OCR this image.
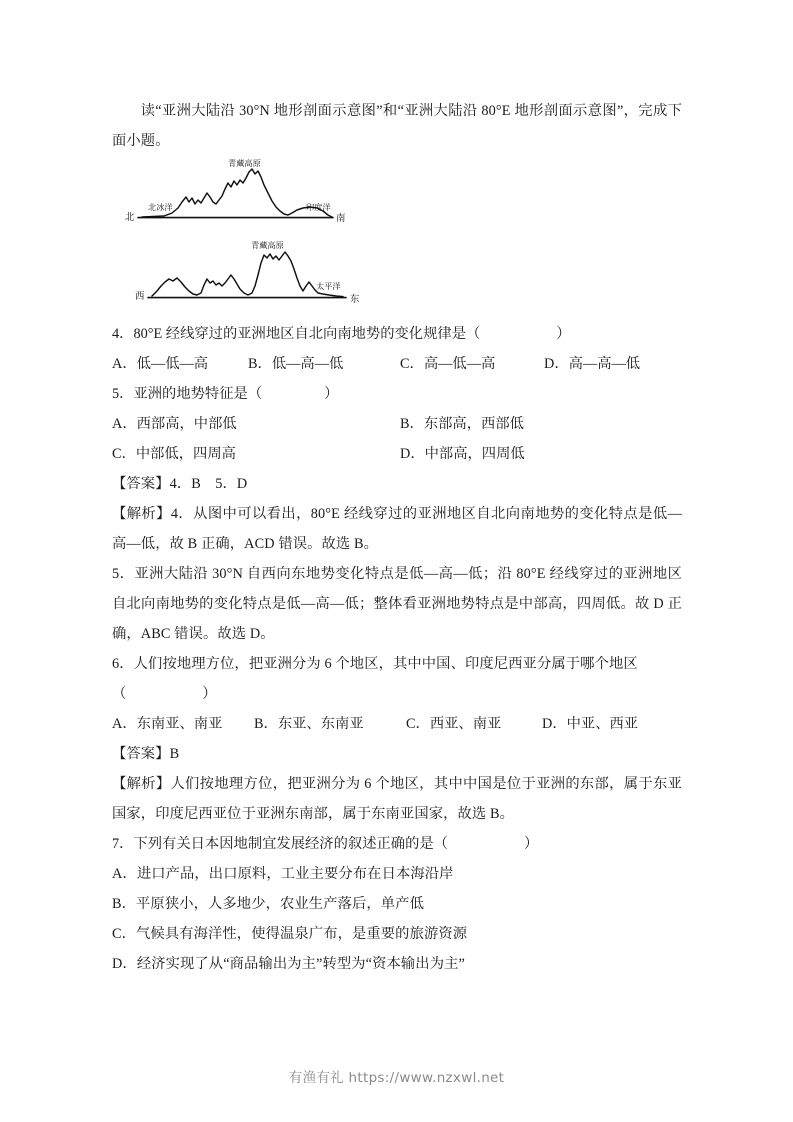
读“亚洲大陆沿 30°N 地形剖面示意图”和“亚洲大陆沿 80°E 地形剖面示意图”，完成下面小题。

北
北冰洋
青藏高原
印度洋
南
西
青藏高原
太平洋
东

4．80°E 经线穿过的亚洲地区自北向南地势的变化规律是（	）

A．低—低—高	B．低—高—低	C．高—低—高	D．高—高—低

5．亚洲的地势特征是（	）

A．西部高，中部低	B．东部高，西部低
C．中部低，四周高	D．中部高，四周低

【答案】4．B　5．D

【解析】4．从图中可以看出，80°E 经线穿过的亚洲地区自北向南地势的变化特点是低—高—低，故 B 正确，ACD 错误。故选 B。

5．亚洲大陆沿 30°N 自西向东地势变化特点是低—高—低；沿 80°E 经线穿过的亚洲地区自北向南地势的变化特点是低—高—低；整体看亚洲地势特点是中部高，四周低。故 D 正确，ABC 错误。故选 D。

6．人们按地理方位，把亚洲分为 6 个地区，其中中国、印度尼西亚分属于哪个地区

（	）

A．东南亚、南亚 B．东亚、东南亚	C．西亚、南亚	D．中亚、西亚

【答案】B

【解析】人们按地理方位，把亚洲分为 6 个地区，其中中国是位于亚洲的东部，属于东亚国家，印度尼西亚位于亚洲东南部，属于东南亚国家，故选 B。

7．下列有关日本因地制宜发展经济的叙述正确的是（	）

A．进口产品，出口原料，工业主要分布在日本海沿岸

B．平原狭小，人多地少，农业生产落后，单产低

C．气候具有海洋性，使得温泉广布，是重要的旅游资源

D．经济实现了从“商品输出为主”转型为“资本输出为主”

有渔有礼 https://www.nzxwl.net
